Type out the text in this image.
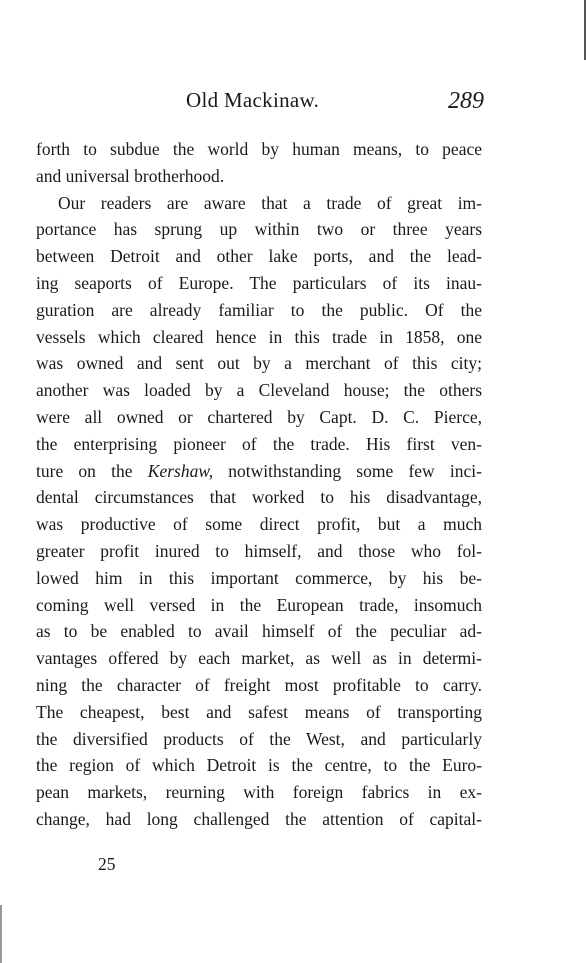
Old Mackinaw.	289
forth to subdue the world by human means, to peace
and universal brotherhood.
Our readers are aware that a trade of great im-
portance has sprung up within two or three years
between Detroit and other lake ports, and the lead-
ing seaports of Europe. The particulars of its inau-
guration are already familiar to the public. Of the
vessels which cleared hence in this trade in 1858, one
was owned and sent out by a merchant of this city;
another was loaded by a Cleveland house; the others
were all owned or chartered by Capt. D. C. Pierce,
the enterprising pioneer of the trade. His first ven-
ture on the Kershaw, notwithstanding some few inci-
dental circumstances that worked to his disadvantage,
was productive of some direct profit, but a much
greater profit inured to himself, and those who fol-
lowed him in this important commerce, by his be-
coming well versed in the European trade, insomuch
as to be enabled to avail himself of the peculiar ad-
vantages offered by each market, as well as in determi-
ning the character of freight most profitable to carry.
The cheapest, best and safest means of transporting
the diversified products of the West, and particularly
the region of which Detroit is the centre, to the Euro-
pean markets, reurning with foreign fabrics in ex-
change, had long challenged the attention of capital-
25
